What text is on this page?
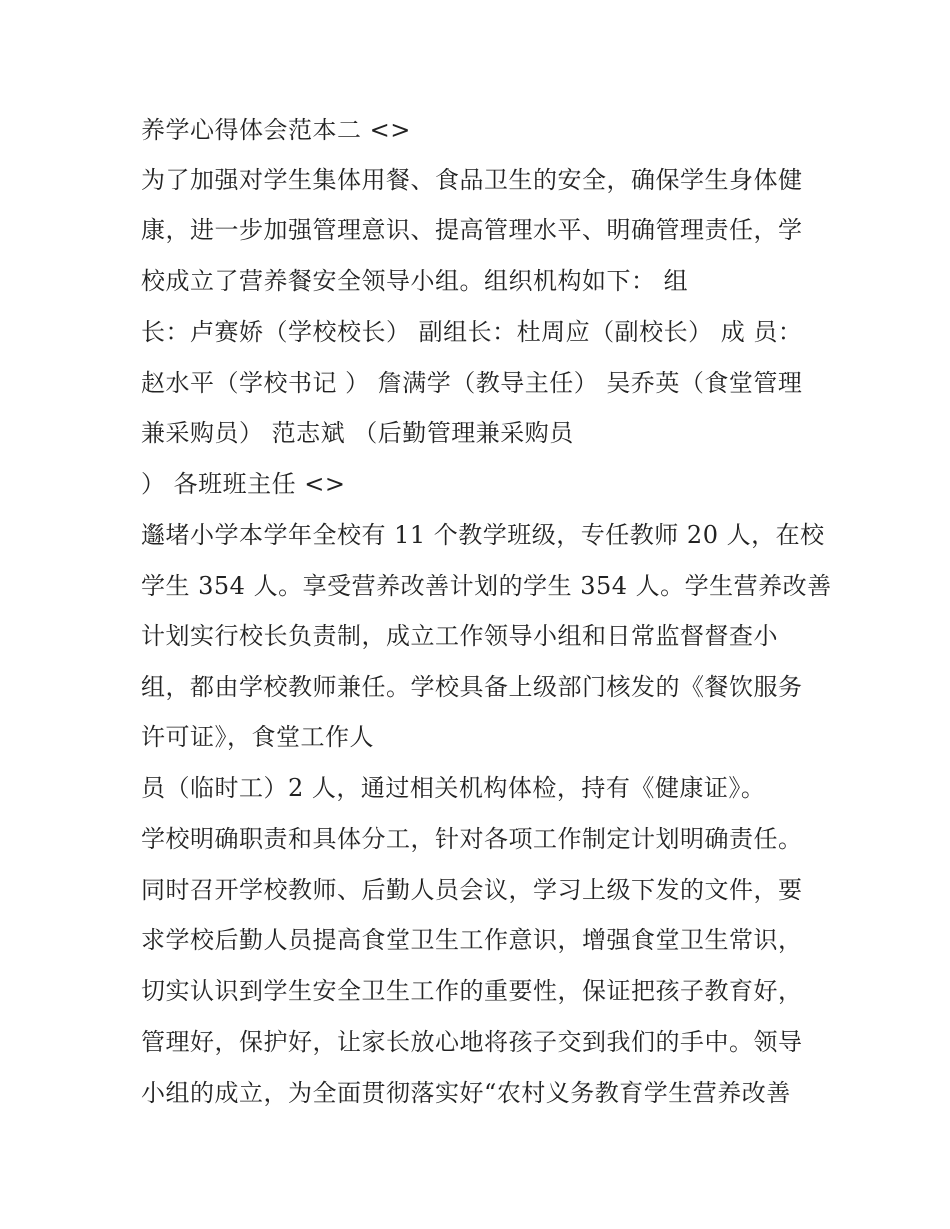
养学心得体会范本二 <>
为了加强对学生集体用餐、食品卫生的安全，确保学生身体健
康，进一步加强管理意识、提高管理水平、明确管理责任，学
校成立了营养餐安全领导小组。组织机构如下： 组
长：卢赛娇（学校校长） 副组长：杜周应（副校长） 成 员：
赵水平（学校书记 ） 詹满学（教导主任） 吴乔英（食堂管理
兼采购员） 范志斌 （后勤管理兼采购员
） 各班班主任 <>
邎堵小学本学年全校有 11 个教学班级，专任教师 20 人，在校
学生 354 人。享受营养改善计划的学生 354 人。学生营养改善
计划实行校长负责制，成立工作领导小组和日常监督督查小
组，都由学校教师兼任。学校具备上级部门核发的《餐饮服务
许可证》，食堂工作人
员（临时工）2 人，通过相关机构体检，持有《健康证》。
学校明确职责和具体分工，针对各项工作制定计划明确责任。
同时召开学校教师、后勤人员会议，学习上级下发的文件，要
求学校后勤人员提高食堂卫生工作意识，增强食堂卫生常识，
切实认识到学生安全卫生工作的重要性，保证把孩子教育好，
管理好，保护好，让家长放心地将孩子交到我们的手中。领导
小组的成立，为全面贯彻落实好“农村义务教育学生营养改善
